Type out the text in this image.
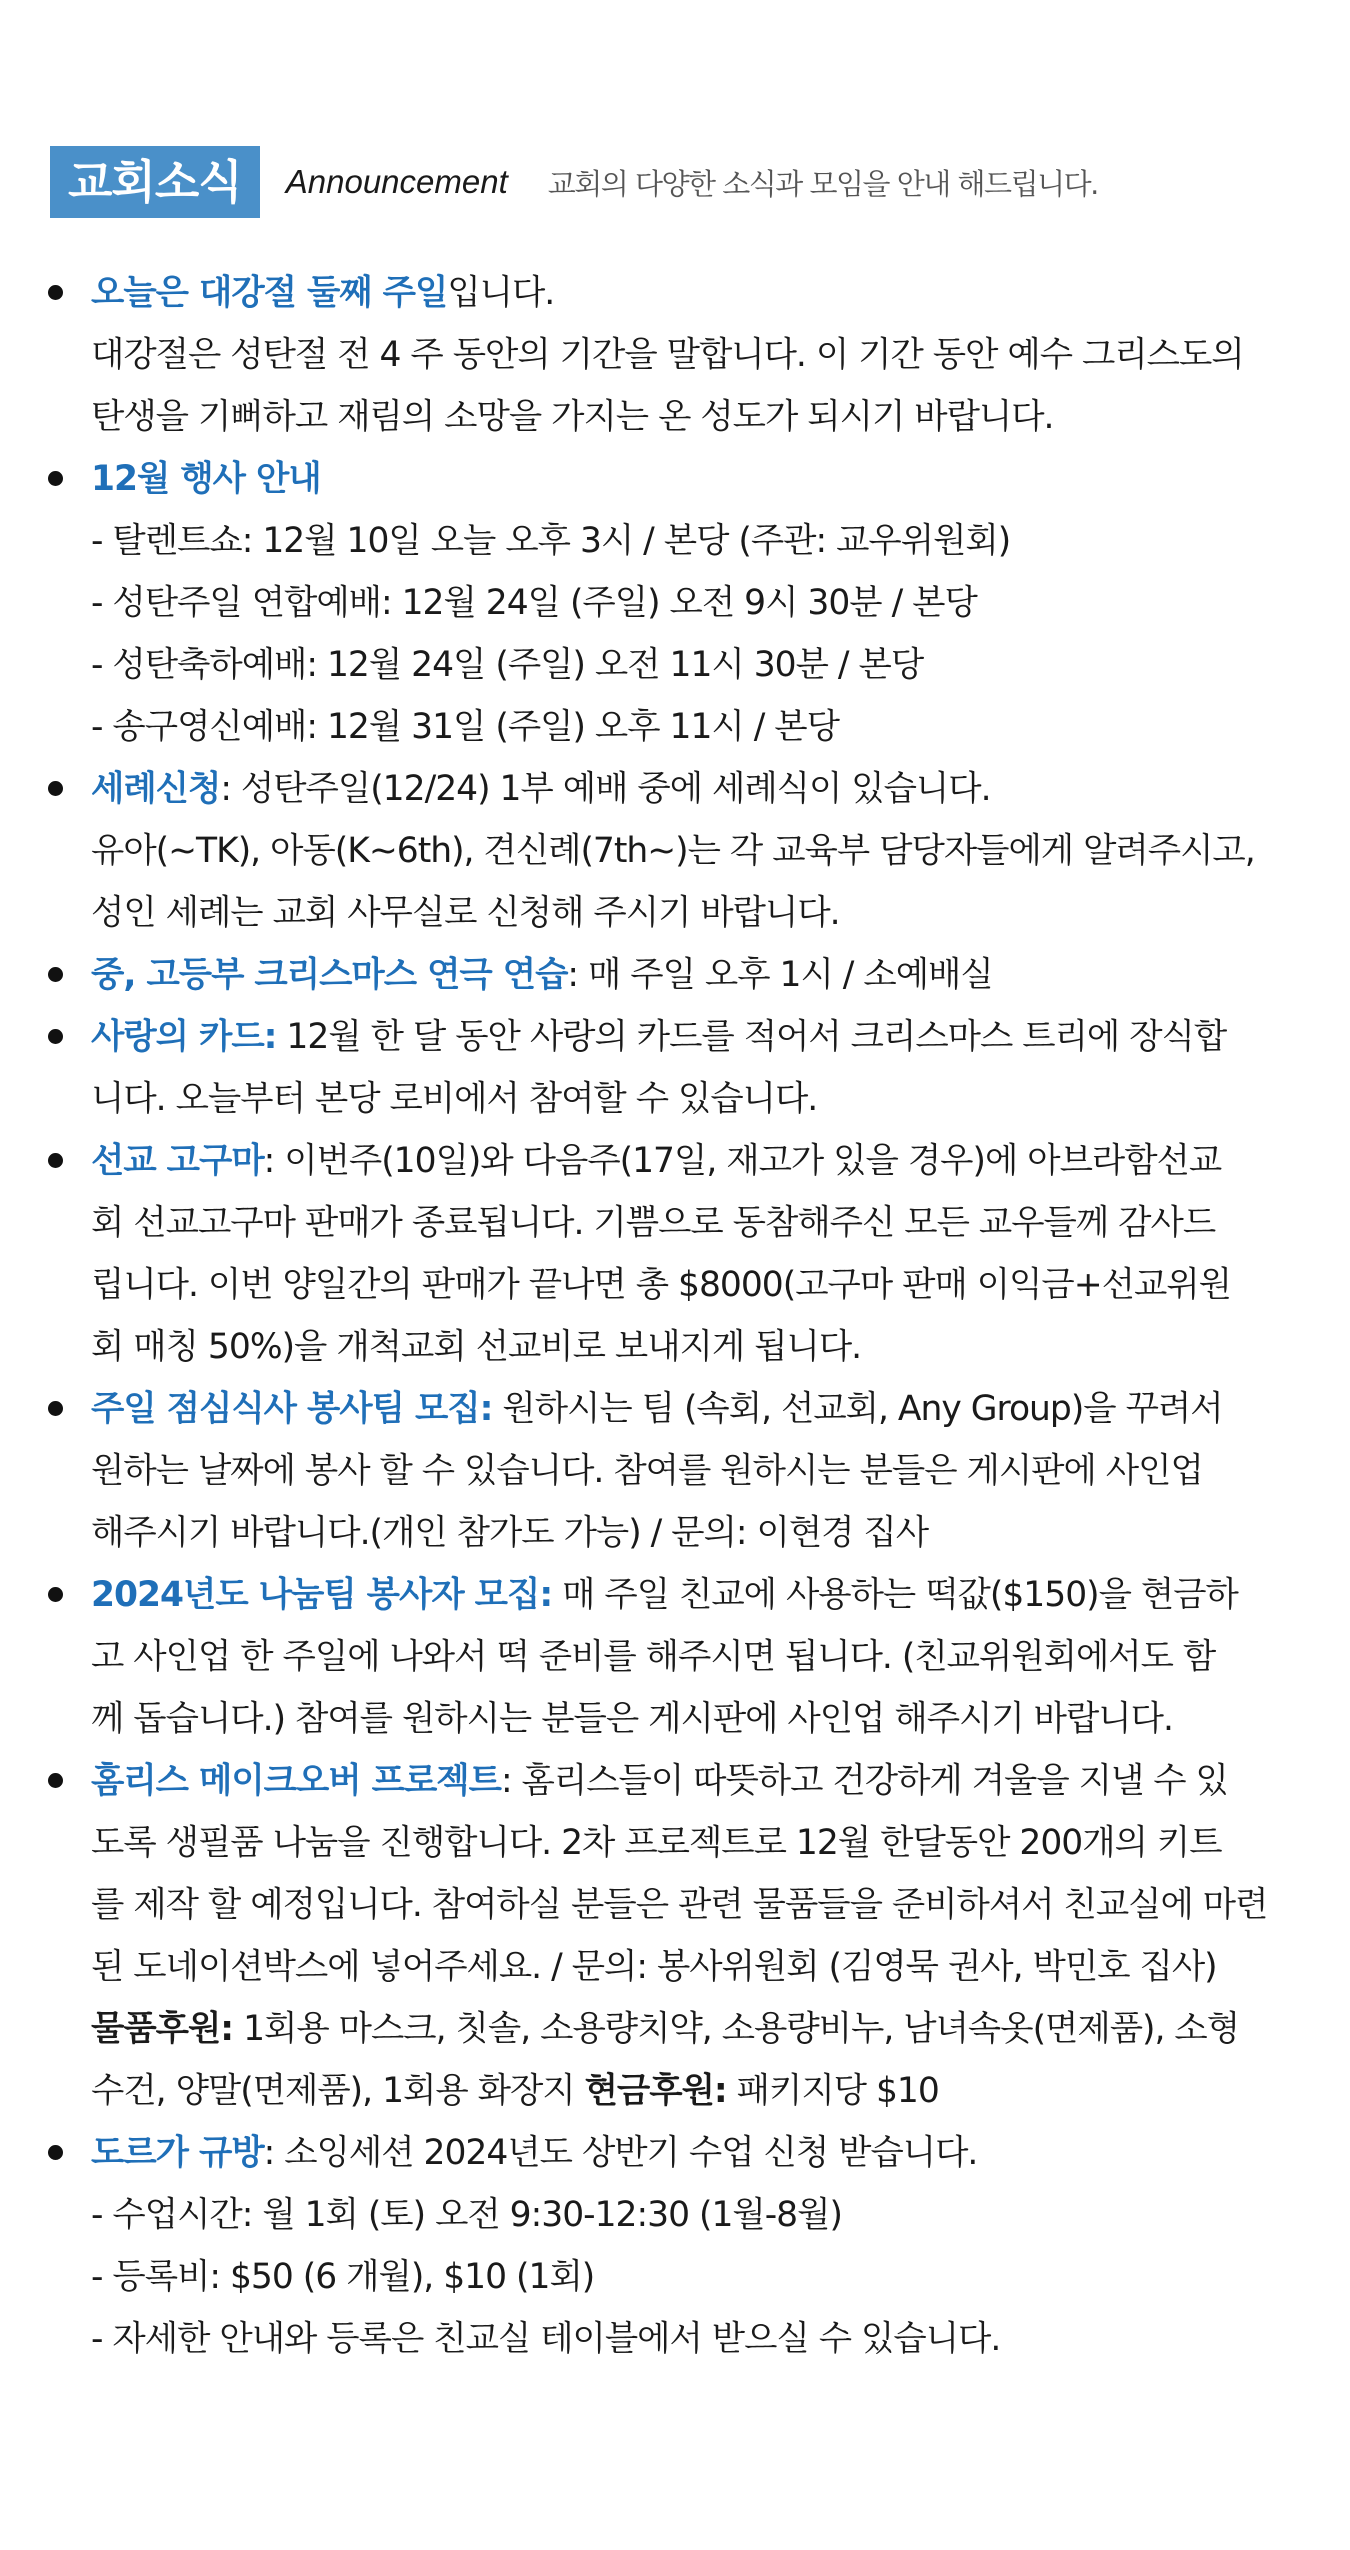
교회소식	Announcement 교회의 다양한 소식과 모임을 안내 해드립니다.
오늘은 대강절 둘째 주일입니다.
대강절은 성탄절 전 4 주 동안의 기간을 말합니다. 이 기간 동안 예수 그리스도의
탄생을 기뻐하고 재림의 소망을 가지는 온 성도가 되시기 바랍니다.
12월 행사 안내
- 탈렌트쇼: 12월 10일 오늘 오후 3시 / 본당 (주관: 교우위원회)
- 성탄주일 연합예배: 12월 24일 (주일) 오전 9시 30분 / 본당
- 성탄축하예배: 12월 24일 (주일) 오전 11시 30분 / 본당
- 송구영신예배: 12월 31일 (주일) 오후 11시 / 본당
세례신청: 성탄주일(12/24) 1부 예배 중에 세례식이 있습니다.
유아(~TK), 아동(K~6th), 견신례(7th~)는 각 교육부 담당자들에게 알려주시고,
성인 세례는 교회 사무실로 신청해 주시기 바랍니다.
중, 고등부 크리스마스 연극 연습: 매 주일 오후 1시 / 소예배실
사랑의 카드: 12월 한 달 동안 사랑의 카드를 적어서 크리스마스 트리에 장식합
니다. 오늘부터 본당 로비에서 참여할 수 있습니다.
선교 고구마: 이번주(10일)와 다음주(17일, 재고가 있을 경우)에 아브라함선교
회 선교고구마 판매가 종료됩니다. 기쁨으로 동참해주신 모든 교우들께 감사드
립니다. 이번 양일간의 판매가 끝나면 총 $8000(고구마 판매 이익금+선교위원
회 매칭 50%)을 개척교회 선교비로 보내지게 됩니다.
주일 점심식사 봉사팀 모집: 원하시는 팀 (속회, 선교회, Any Group)을 꾸려서
원하는 날짜에 봉사 할 수 있습니다. 참여를 원하시는 분들은 게시판에 사인업
해주시기 바랍니다.(개인 참가도 가능) / 문의: 이현경 집사
2024년도 나눔팀 봉사자 모집: 매 주일 친교에 사용하는 떡값($150)을 현금하
고 사인업 한 주일에 나와서 떡 준비를 해주시면 됩니다. (친교위원회에서도 함
께 돕습니다.) 참여를 원하시는 분들은 게시판에 사인업 해주시기 바랍니다.
홈리스 메이크오버 프로젝트: 홈리스들이 따뜻하고 건강하게 겨울을 지낼 수 있
도록 생필품 나눔을 진행합니다. 2차 프로젝트로 12월 한달동안 200개의 키트
를 제작 할 예정입니다. 참여하실 분들은 관련 물품들을 준비하셔서 친교실에 마련
된 도네이션박스에 넣어주세요. / 문의: 봉사위원회 (김영묵 권사, 박민호 집사)
물품후원: 1회용 마스크, 칫솔, 소용량치약, 소용량비누, 남녀속옷(면제품), 소형
수건, 양말(면제품), 1회용 화장지 현금후원: 패키지당 $10
도르가 규방: 소잉세션 2024년도 상반기 수업 신청 받습니다.
- 수업시간: 월 1회 (토) 오전 9:30-12:30 (1월-8월)
- 등록비: $50 (6 개월), $10 (1회)
- 자세한 안내와 등록은 친교실 테이블에서 받으실 수 있습니다.
